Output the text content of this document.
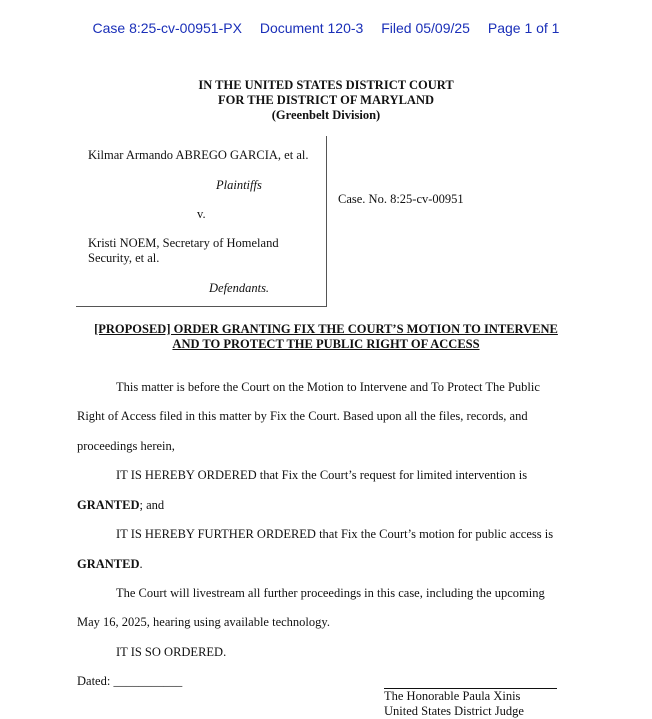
Case 8:25-cv-00951-PX Document 120-3 Filed 05/09/25 Page 1 of 1
IN THE UNITED STATES DISTRICT COURT
FOR THE DISTRICT OF MARYLAND
(Greenbelt Division)
Kilmar Armando ABREGO GARCIA, et al.
Plaintiffs
v.
Kristi NOEM, Secretary of Homeland
Security, et al.
Defendants.
Case. No. 8:25-cv-00951
[PROPOSED] ORDER GRANTING FIX THE COURT’S MOTION TO INTERVENE
AND TO PROTECT THE PUBLIC RIGHT OF ACCESS
This matter is before the Court on the Motion to Intervene and To Protect The Public
Right of Access filed in this matter by Fix the Court. Based upon all the files, records, and
proceedings herein,
IT IS HEREBY ORDERED that Fix the Court’s request for limited intervention is
GRANTED; and
IT IS HEREBY FURTHER ORDERED that Fix the Court’s motion for public access is
GRANTED.
The Court will livestream all further proceedings in this case, including the upcoming
May 16, 2025, hearing using available technology.
IT IS SO ORDERED.
Dated: ___________
The Honorable Paula Xinis
United States District Judge
